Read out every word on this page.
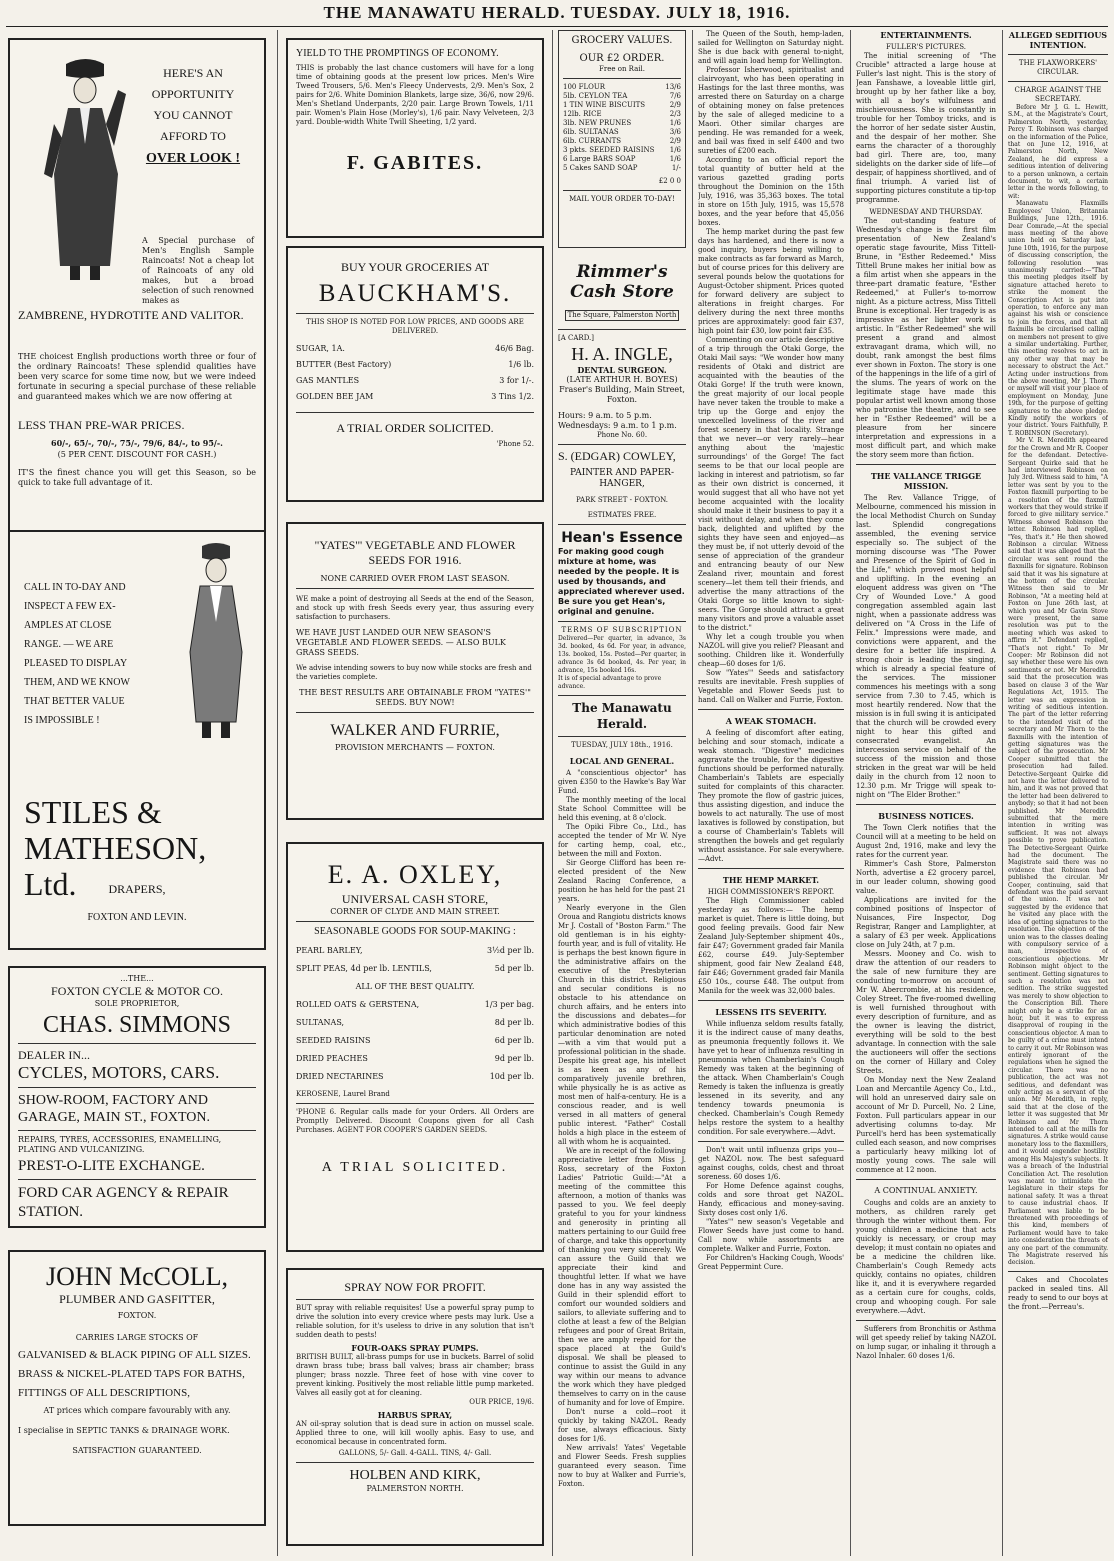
THE MANAWATU HERALD. TUESDAY. JULY 18, 1916.

HERE'S AN

OPPORTUNITY

YOU CANNOT

AFFORD TO

OVER LOOK !

A Special purchase of Men's English Sample Raincoats! Not a cheap lot of Raincoats of any old makes, but a broad selection of such renowned makes as

ZAMBRENE, HYDROTITE AND VALITOR.

THE choicest English productions worth three or four of the ordinary Raincoats! These splendid qualities have been very scarce for some time now, but we were indeed fortunate in securing a special purchase of these reliable and guaranteed makes which we are now offering at

LESS THAN PRE-WAR PRICES.

60/-, 65/-, 70/-, 75/-, 79/6, 84/-, to 95/-.

(5 PER CENT. DISCOUNT FOR CASH.)

IT'S the finest chance you will get this Season, so be quick to take full advantage of it.

CALL IN TO-DAY AND

INSPECT A FEW EX-

AMPLES AT CLOSE

RANGE. — WE ARE

PLEASED TO DISPLAY

THEM, AND WE KNOW

THAT BETTER VALUE

IS IMPOSSIBLE !

STILES & MATHESON, Ltd.	DRAPERS,

FOXTON AND LEVIN.

...THE...

FOXTON CYCLE & MOTOR CO.

SOLE PROPRIETOR,

CHAS. SIMMONS

DEALER IN...

CYCLES, MOTORS, CARS.

SHOW-ROOM, FACTORY AND GARAGE, MAIN ST., FOXTON.

REPAIRS, TYRES, ACCESSORIES, ENAMELLING, PLATING AND VULCANIZING.

PREST-O-LITE EXCHANGE.

FORD CAR AGENCY & REPAIR STATION.

JOHN McCOLL,

PLUMBER AND GASFITTER,

FOXTON.

CARRIES LARGE STOCKS OF

GALVANISED & BLACK PIPING OF ALL SIZES.

BRASS & NICKEL-PLATED TAPS FOR BATHS,

FITTINGS OF ALL DESCRIPTIONS,

AT prices which compare favourably with any.

I specialise in SEPTIC TANKS & DRAINAGE WORK.

SATISFACTION GUARANTEED.

YIELD TO THE PROMPTINGS OF ECONOMY.

THIS is probably the last chance customers will have for a long time of obtaining goods at the present low prices. Men's Wire Tweed Trousers, 5/6. Men's Fleecy Undervests, 2/9. Men's Sox, 2 pairs for 2/6. White Dominion Blankets, large size, 36/6, now 29/6. Men's Shetland Underpants, 2/20 pair. Large Brown Towels, 1/11 pair. Women's Plain Hose (Morley's), 1/6 pair. Navy Velveteen, 2/3 yard. Double-width White Twill Sheeting, 1/2 yard.

F. GABITES.

BUY YOUR GROCERIES AT

BAUCKHAM'S.

THIS SHOP IS NOTED FOR LOW PRICES, AND GOODS ARE DELIVERED.

SUGAR, 1A.	46/6 Bag.
BUTTER (Best Factory)	1/6 lb.
GAS MANTLES	3 for 1/-.
GOLDEN BEE JAM	3 Tins 1/2.

A TRIAL ORDER SOLICITED.

'Phone 52.

"YATES'" VEGETABLE AND FLOWER SEEDS FOR 1916.

NONE CARRIED OVER FROM LAST SEASON.

WE make a point of destroying all Seeds at the end of the Season, and stock up with fresh Seeds every year, thus assuring every satisfaction to purchasers.

WE HAVE JUST LANDED OUR NEW SEASON'S VEGETABLE AND FLOWER SEEDS. — ALSO BULK GRASS SEEDS.

We advise intending sowers to buy now while stocks are fresh and the varieties complete.

THE BEST RESULTS ARE OBTAINABLE FROM "YATES'" SEEDS. BUY NOW!

WALKER AND FURRIE,

PROVISION MERCHANTS — FOXTON.

E. A. OXLEY,

UNIVERSAL CASH STORE,

CORNER OF CLYDE AND MAIN STREET.

SEASONABLE GOODS FOR SOUP-MAKING :

PEARL BARLEY,	3½d per lb.
SPLIT PEAS, 4d per lb. LENTILS,	5d per lb.

ALL OF THE BEST QUALITY.

ROLLED OATS & GERSTENA,	1/3 per bag.
SULTANAS,	8d per lb.
SEEDED RAISINS	6d per lb.
DRIED PEACHES	9d per lb.
DRIED NECTARINES	10d per lb.
KEROSENE, Laurel Brand

'PHONE 6. Regular calls made for your Orders. All Orders are Promptly Delivered. Discount Coupons given for all Cash Purchases. AGENT FOR COOPER'S GARDEN SEEDS.

A TRIAL SOLICITED.

SPRAY NOW FOR PROFIT.

BUT spray with reliable requisites! Use a powerful spray pump to drive the solution into every crevice where pests may lurk. Use a reliable solution, for it's useless to drive in any solution that isn't sudden death to pests!

FOUR-OAKS SPRAY PUMPS.

BRITISH BUILT, all-brass pumps for use in buckets. Barrel of solid drawn brass tube; brass ball valves; brass air chamber; brass plunger; brass nozzle. Three feet of hose with vine cover to prevent kinking. Positively the most reliable little pump marketed. Valves all easily got at for cleaning.

OUR PRICE, 19/6.

HARBUS SPRAY,

AN oil-spray solution that is dead sure in action on mussel scale. Applied three to one, will kill woolly aphis. Easy to use, and economical because in concentrated form.

GALLONS, 5/- Gall. 4-GALL. TINS, 4/- Gall.

HOLBEN AND KIRK,

PALMERSTON NORTH.

GROCERY VALUES.

OUR £2 ORDER.

Free on Rail.

100 FLOUR	13/6
5lb. CEYLON TEA	7/6
1 TIN WINE BISCUITS	2/9
12lb. RICE	2/3
3lb. NEW PRUNES	1/6
6lb. SULTANAS	3/6
6lb. CURRANTS	2/9
3 pkts. SEEDED RAISINS 1/6
6 Large BARS SOAP	1/6
5 Cakes SAND SOAP	1/-

£2 0 0

MAIL YOUR ORDER TO-DAY!

Rimmer's Cash Store

The Square, Palmerston North

[A CARD.]

H. A. INGLE,

DENTAL SURGEON.

(LATE ARTHUR H. BOYES)

Fraser's Building, Main Street, Foxton.

Hours: 9 a.m. to 5 p.m. Wednesdays: 9 a.m. to 1 p.m.

Phone No. 60.

S. (EDGAR) COWLEY,

PAINTER AND PAPER-HANGER,

PARK STREET - FOXTON.

ESTIMATES FREE.

Hean's Essence

For making good cough mixture at home, was needed by the people. It is used by thousands, and appreciated wherever used. Be sure you get Hean's, original and genuine.

TERMS OF SUBSCRIPTION

Delivered—Per quarter, in advance, 3s 3d. booked, 4s 6d. For year, in advance, 13s. booked, 15s. Posted—Per quarter, in advance 3s 6d booked, 4s. Per year, in advance, 15s booked 16s.

It is of special advantage to prove advance.

The Manawatu Herald.

TUESDAY, JULY 18th., 1916.

LOCAL AND GENERAL.

A "conscientious objector" has given £350 to the Hawke's Bay War Fund.

The monthly meeting of the local State School Committee will be held this evening, at 8 o'clock.

The Opiki Fibre Co., Ltd., has accepted the tender of Mr W. Nye for carting hemp, coal, etc., between the mill and Foxton.

Sir George Clifford has been re-elected president of the New Zealand Racing Conference, a position he has held for the past 21 years.

Nearly everyone in the Glen Oroua and Rangiotu districts knows Mr J. Costall of "Boston Farm." The old gentleman is in his eighty-fourth year, and is full of vitality. He is perhaps the best known figure in the administrative affairs on the executive of the Presbyterian Church in this district. Religious and secular conditions is no obstacle to his attendance on church affairs, and he enters into the discussions and debates—for which administrative bodies of this particular denomination are noted—with a vim that would put a professional politician in the shade. Despite his great age, his intellect is as keen as any of his comparatively juvenile brethren, while physically he is as active as most men of half-a-century. He is a conscious reader, and is well versed in all matters of general public interest. "Father" Costall holds a high place in the esteem of all with whom he is acquainted.

We are in receipt of the following appreciative letter from Miss J. Ross, secretary of the Foxton Ladies' Patriotic Guild:—"At a meeting of the committee this afternoon, a motion of thanks was passed to you. We feel deeply grateful to you for your kindness and generosity in printing all matters pertaining to our Guild free of charge, and take this opportunity of thanking you very sincerely. We can assure the Guild that we appreciate their kind and thoughtful letter. If what we have done has in any way assisted the Guild in their splendid effort to comfort our wounded soldiers and sailors, to alleviate suffering and to clothe at least a few of the Belgian refugees and poor of Great Britain, then we are amply repaid for the space placed at the Guild's disposal. We shall be pleased to continue to assist the Guild in any way within our means to advance the work which they have pledged themselves to carry on in the cause of humanity and for love of Empire.

Don't nurse a cold—root it quickly by taking NAZOL. Ready for use, always efficacious. Sixty doses for 1/6.

New arrivals! Yates' Vegetable and Flower Seeds. Fresh supplies guaranteed every season. Time now to buy at Walker and Furrie's, Foxton.

The Queen of the South, hemp-laden, sailed for Wellington on Saturday night. She is due back with general to-night, and will again load hemp for Wellington.

Professor Isherwood, spiritualist and clairvoyant, who has been operating in Hastings for the last three months, was arrested there on Saturday on a charge of obtaining money on false pretences by the sale of alleged medicine to a Maori. Other similar charges are pending. He was remanded for a week, and bail was fixed in self £400 and two sureties of £200 each.

According to an official report the total quantity of butter held at the various gazetted grading ports throughout the Dominion on the 15th July, 1916, was 35,363 boxes. The total in store on 15th July, 1915, was 15,578 boxes, and the year before that 45,056 boxes.

The hemp market during the past few days has hardened, and there is now a good inquiry, buyers being willing to make contracts as far forward as March, but of course prices for this delivery are several pounds below the quotations for August-October shipment. Prices quoted for forward delivery are subject to alterations in freight charges. For delivery during the next three months prices are approximately: good fair £37, high point fair £30, low point fair £35.

Commenting on our article descriptive of a trip through the Otaki Gorge, the Otaki Mail says: "We wonder how many residents of Otaki and district are acquainted with the beauties of the Otaki Gorge! If the truth were known, the great majority of our local people have never taken the trouble to make a trip up the Gorge and enjoy the unexcelled loveliness of the river and forest scenery in that locality. Strange that we never—or very rarely—hear anything about the 'majestic surroundings' of the Gorge! The fact seems to be that our local people are lacking in interest and patriotism, so far as their own district is concerned, it would suggest that all who have not yet become acquainted with the locality should make it their business to pay it a visit without delay, and when they come back, delighted and uplifted by the sights they have seen and enjoyed—as they must be, if not utterly devoid of the sense of appreciation of the grandeur and entrancing beauty of our New Zealand river, mountain and forest scenery—let them tell their friends, and advertise the many attractions of the Otaki Gorge so little known to sight-seers. The Gorge should attract a great many visitors and prove a valuable asset to the district."

Why let a cough trouble you when NAZOL will give you relief? Pleasant and soothing. Children like it. Wonderfully cheap—60 doses for 1/6.

Sow "Yates'" Seeds and satisfactory results are inevitable. Fresh supplies of Vegetable and Flower Seeds just to hand. Call on Walker and Furrie, Foxton.

A WEAK STOMACH.

A feeling of discomfort after eating, belching and sour stomach, indicate a weak stomach. "Digestive" medicines aggravate the trouble, for the digestive functions should be performed naturally. Chamberlain's Tablets are especially suited for complaints of this character. They promote the flow of gastric juices, thus assisting digestion, and induce the bowels to act naturally. The use of most laxatives is followed by constipation, but a course of Chamberlain's Tablets will strengthen the bowels and get regularly without assistance. For sale everywhere.—Advt.

THE HEMP MARKET.

HIGH COMMISSIONER'S REPORT.

The High Commissioner cabled yesterday as follows:— The hemp market is quiet. There is little doing, but good feeling prevails. Good fair New Zealand July-September shipment 40s., fair £47; Government graded fair Manila £62, course £49. July-September shipment, good fair New Zealand £48, fair £46; Government graded fair Manila £50 10s., course £48. The output from Manila for the week was 32,000 bales.

LESSENS ITS SEVERITY.

While influenza seldom results fatally, it is the indirect cause of many deaths, as pneumonia frequently follows it. We have yet to hear of influenza resulting in pneumonia when Chamberlain's Cough Remedy was taken at the beginning of the attack. When Chamberlain's Cough Remedy is taken the influenza is greatly lessened in its severity, and any tendency towards pneumonia is checked. Chamberlain's Cough Remedy helps restore the system to a healthy condition. For sale everywhere.—Advt.

Don't wait until influenza grips you—get NAZOL now. The best safeguard against coughs, colds, chest and throat soreness. 60 doses 1/6.

For Home Defence against coughs, colds and sore throat get NAZOL. Handy, efficacious and money-saving. Sixty doses cost only 1/6.

"Yates'" new season's Vegetable and Flower Seeds have just come to hand. Call now while assortments are complete. Walker and Furrie, Foxton.

For Children's Hacking Cough, Woods' Great Peppermint Cure.

ENTERTAINMENTS.

FULLER'S PICTURES.

The initial screening of "The Crucible" attracted a large house at Fuller's last night. This is the story of Jean Fanshawe, a loveable little girl, brought up by her father like a boy, with all a boy's wilfulness and mischievousness. She is constantly in trouble for her Tomboy tricks, and is the horror of her sedate sister Austin, and the despair of her mother. She earns the character of a thoroughly bad girl. There are, too, many sidelights on the darker side of life—of despair, of happiness shortlived, and of final triumph. A varied list of supporting pictures constitute a tip-top programme.

WEDNESDAY AND THURSDAY.

The out-standing feature of Wednesday's change is the first film presentation of New Zealand's operatic stage favourite, Miss Tittell-Brune, in "Esther Redeemed." Miss Tittell Brune makes her initial bow as a film artist when she appears in the three-part dramatic feature, "Esther Redeemed," at Fuller's to-morrow night. As a picture actress, Miss Tittell Brune is exceptional. Her tragedy is as impressive as her lighter work is artistic. In "Esther Redeemed" she will present a grand and almost extravagant drama, which will, no doubt, rank amongst the best films ever shown in Foxton. The story is one of the happenings in the life of a girl of the slums. The years of work on the legitimate stage have made this popular artist well known among those who patronise the theatre, and to see her in "Esther Redeemed" will be a pleasure from her sincere interpretation and expressions in a most difficult part, and which make the story seem more than fiction.

THE VALLANCE TRIGGE MISSION.

The Rev. Vallance Trigge, of Melbourne, commenced his mission in the local Methodist Church on Sunday last. Splendid congregations assembled, the evening service especially so. The subject of the morning discourse was "The Power and Presence of the Spirit of God in the Life," which proved most helpful and uplifting. In the evening an eloquent address was given on "The Cry of Wounded Love." A good congregation assembled again last night, when a passionate address was delivered on "A Cross in the Life of Felix." Impressions were made, and convictions were apparent, and the desire for a better life inspired. A strong choir is leading the singing, which is already a special feature of the services. The missioner commences his meetings with a song service from 7.30 to 7.45, which is most heartily rendered. Now that the mission is in full swing it is anticipated that the church will be crowded every night to hear this gifted and consecrated evangelist. An intercession service on behalf of the success of the mission and those stricken in the great war will be held daily in the church from 12 noon to 12.30 p.m. Mr Trigge will speak to-night on "The Elder Brother."

BUSINESS NOTICES.

The Town Clerk notifies that the Council will at a meeting to be held on August 2nd, 1916, make and levy the rates for the current year.

Rimmer's Cash Store, Palmerston North, advertise a £2 grocery parcel, in our leader column, showing good value.

Applications are invited for the combined positions of Inspector of Nuisances, Fire Inspector, Dog Registrar, Ranger and Lamplighter, at a salary of £3 per week. Applications close on July 24th, at 7 p.m.

Messrs. Mooney and Co. wish to draw the attention of our readers to the sale of new furniture they are conducting to-morrow on account of Mr W. Abercrombie, at his residence, Coley Street. The five-roomed dwelling is well furnished throughout with every description of furniture, and as the owner is leaving the district, everything will be sold to the best advantage. In connection with the sale the auctioneers will offer the sections on the corner of Hillary and Coley Streets.

On Monday next the New Zealand Loan and Mercantile Agency Co., Ltd., will hold an unreserved dairy sale on account of Mr D. Purcell, No. 2 Line, Foxton. Full particulars appear in our advertising columns to-day. Mr Purcell's herd has been systematically culled each season, and now comprises a particularly heavy milking lot of mostly young cows. The sale will commence at 12 noon.

A CONTINUAL ANXIETY.

Coughs and colds are an anxiety to mothers, as children rarely get through the winter without them. For young children a medicine that acts quickly is necessary, or croup may develop; it must contain no opiates and be a medicine the children like. Chamberlain's Cough Remedy acts quickly, contains no opiates, children like it, and it is everywhere regarded as a certain cure for coughs, colds, croup and whooping cough. For sale everywhere.—Advt.

Sufferers from Bronchitis or Asthma will get speedy relief by taking NAZOL on lump sugar, or inhaling it through a Nazol Inhaler. 60 doses 1/6.

ALLEGED SEDITIOUS INTENTION.

THE FLAXWORKERS' CIRCULAR.

CHARGE AGAINST THE SECRETARY.

Before Mr J. G. L. Hewitt, S.M., at the Magistrate's Court, Palmerston North, yesterday, Percy T. Robinson was charged on the information of the Police, that on June 12, 1916, at Palmerston North, New Zealand, he did express a seditious intention of delivering to a person unknown, a certain document, to wit, a certain letter in the words following, to wit:

Manawatu Flaxmills Employees' Union, Britannia Buildings, June 12th., 1916. Dear Comrade,—At the special mass meeting of the above union held on Saturday last, June 10th, 1916, for the purpose of discussing conscription, the following resolution was unanimously carried:—"That this meeting pledges itself by signature attached hereto to strike the moment the Conscription Act is put into operation, to enforce any man against his wish or conscience to join the forces, and that all flaxmills be circularised calling on members not present to give a similar undertaking. Further, this meeting resolves to act in any other way that may be necessary to obstruct the Act." Acting under instructions from the above meeting, Mr J. Thorn or myself will visit your place of employment on Monday, June 19th, for the purpose of getting signatures to the above pledge. Kindly notify the workers of your district. Yours Faithfully, P. T. ROBINSON (Secretary).

Mr V. R. Meredith appeared for the Crown and Mr R. Cooper for the defendant. Detective-Sergeant Quirke said that he had interviewed Robinson on July 3rd. Witness said to him, "A letter was sent by you to the Foxton flaxmill purporting to be a resolution of the flaxmill workers that they would strike if forced to give military service." Witness showed Robinson the letter. Robinson had replied, "Yes, that's it." He then showed Robinson a circular. Witness said that it was alleged that the circular was sent round the flaxmills for signature. Robinson said that it was his signature at the bottom of the circular. Witness then said to Mr Robinson, "At a meeting held at Foxton on June 26th last, at which you and Mr Gavin Stove were present, the same resolution was put to the meeting which was asked to affirm it." Defendant replied, "That's not right." To Mr Cooper: Mr Robinson did not say whether these were his own sentiments or not. Mr Meredith said that the prosecution was based on clause 3 of the War Regulations Act, 1915. The letter was an expression in writing of seditious intention. The part of the letter referring to the intended visit of the secretary and Mr Thorn to the flaxmills with the intention of getting signatures was the subject of the prosecution. Mr Cooper submitted that the prosecution had failed. Detective-Sergeant Quirke did not have the letter delivered to him, and it was not proved that the letter had been delivered to anybody; so that it had not been published. Mr Meredith submitted that the mere intention in writing was sufficient. It was not always possible to prove publication. The Detective-Sergeant Quirke had the document. The Magistrate said there was no evidence that Robinson had published the circular. Mr Cooper, continuing, said that defendant was the paid servant of the union. It was not suggested by the evidence that he visited any place with the idea of getting signatures to the resolution. The objection of the union was to the classes dealing with compulsory service of a man, irrespective of conscientious objections. Mr Robinson might object to the sentiment. Getting signatures to such a resolution was not sedition. The strike suggested was merely to show objection to the Conscription Bill. There might only be a strike for an hour, but it was to express disapproval of rouping in the conscientious objector. A man to be guilty of a crime must intend to carry it out. Mr Robinson was entirely ignorant of the regulations when he signed the circular. There was no publication, the act was not seditious, and defendant was only acting as a servant of the union. Mr Meredith, in reply, said that at the close of the letter it was suggested that Mr Robinson and Mr Thorn intended to call at the mills for signatures. A strike would cause monetary loss to the flaxmillers, and it would engender hostility among His Majesty's subjects. It was a breach of the Industrial Conciliation Act. The resolution was meant to intimidate the Legislature in their steps for national safety. It was a threat to cause industrial chaos. If Parliament was liable to be threatened with proceedings of this kind, members of Parliament would have to take into consideration the threats of any one part of the community. The Magistrate reserved his decision.

Cakes and Chocolates packed in sealed tins. All ready to send to our boys at the front.—Perreau's.
